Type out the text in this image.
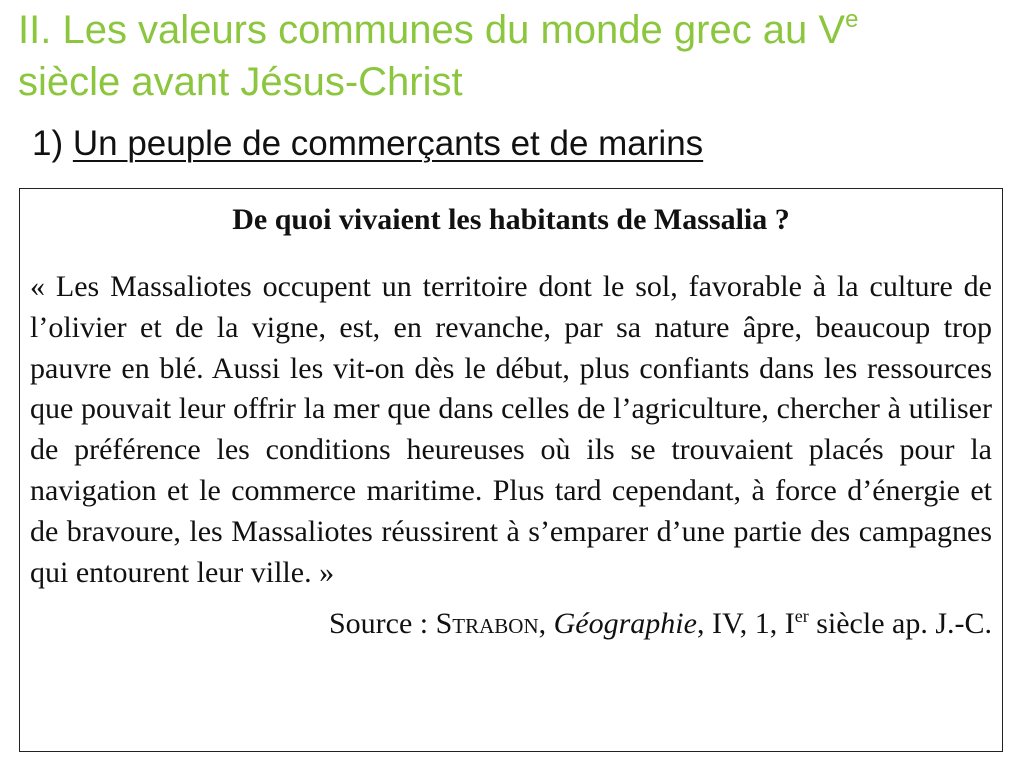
II. Les valeurs communes du monde grec au Ve
siècle avant Jésus-Christ
1) Un peuple de commerçants et de marins

De quoi vivaient les habitants de Massalia ?

« Les Massaliotes occupent un territoire dont le sol, favorable à la culture de l’olivier et de la vigne, est, en revanche, par sa nature âpre, beaucoup trop pauvre en blé. Aussi les vit-on dès le début, plus confiants dans les ressources que pouvait leur offrir la mer que dans celles de l’agriculture, chercher à utiliser de préférence les conditions heureuses où ils se trouvaient placés pour la navigation et le commerce maritime. Plus tard cependant, à force d’énergie et de bravoure, les Massaliotes réussirent à s’emparer d’une partie des campagnes qui entourent leur ville. »

Source : Strabon, Géographie, IV, 1, Ier siècle ap. J.-C.
